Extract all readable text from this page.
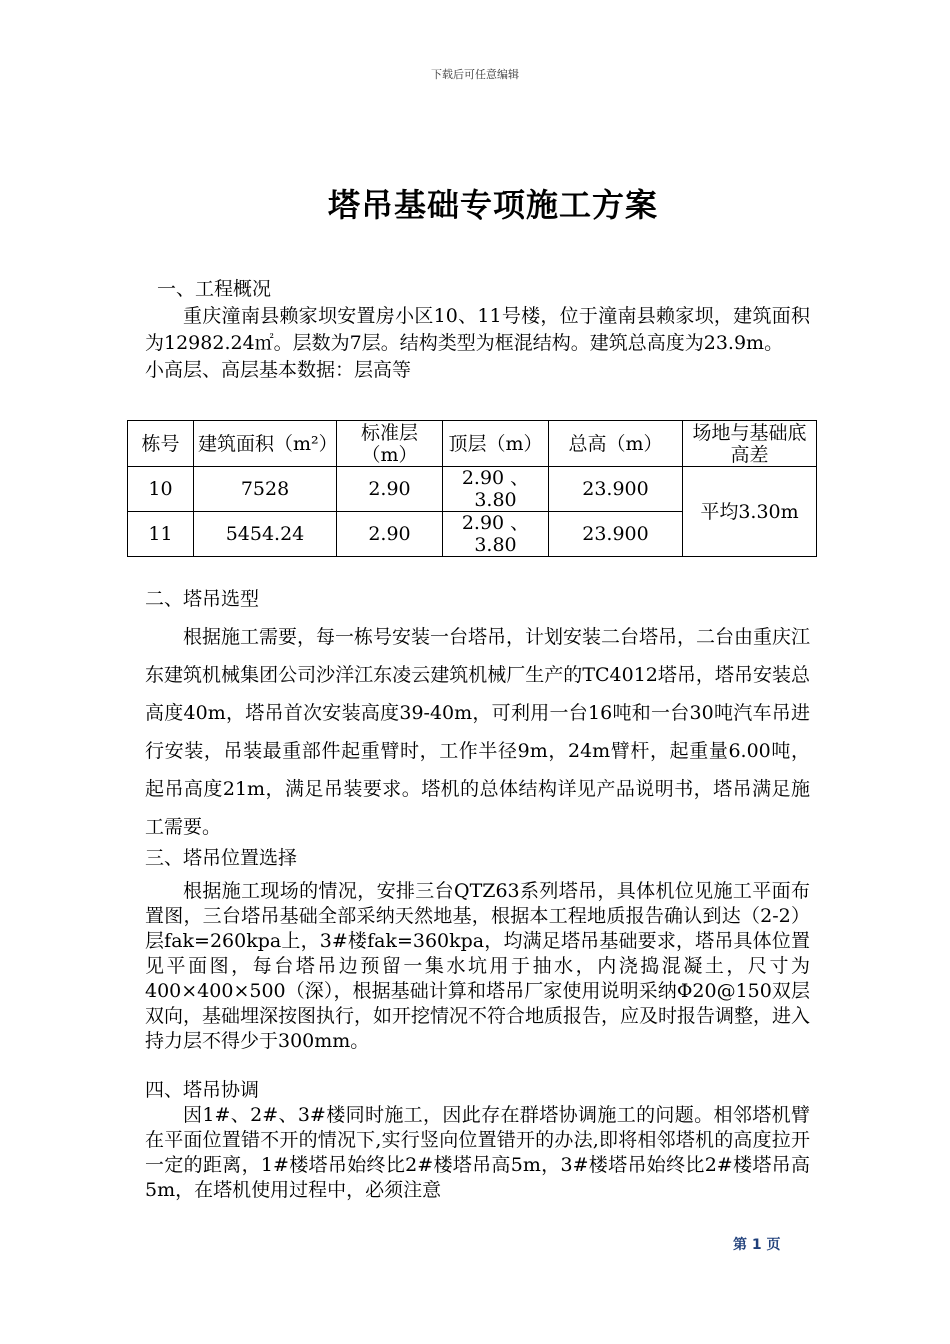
下载后可任意编辑
塔吊基础专项施工方案
一、工程概况

重庆潼南县赖家坝安置房小区10、11号楼，位于潼南县赖家坝，建筑面积为12982.24㎡。层数为7层。结构类型为框混结构。建筑总高度为23.9m。

小高层、高层基本数据：层高等
栋号	建筑面积（m²）	标准层（m）	顶层（m）	总高（m）	场地与基础底高差
10	7528	2.90	2.90 、 3.80	23.900	平均3.30m
11	5454.24	2.90	2.90 、 3.80	23.900	
二、塔吊选型

根据施工需要，每一栋号安装一台塔吊，计划安装二台塔吊，二台由重庆江东建筑机械集团公司沙洋江东凌云建筑机械厂生产的TC4012塔吊，塔吊安装总高度40m，塔吊首次安装高度39-40m，可利用一台16吨和一台30吨汽车吊进行安装，吊装最重部件起重臂时，工作半径9m，24m臂杆，起重量6.00吨，起吊高度21m，满足吊装要求。塔机的总体结构详见产品说明书，塔吊满足施工需要。

三、塔吊位置选择

根据施工现场的情况，安排三台QTZ63系列塔吊，具体机位见施工平面布置图，三台塔吊基础全部采纳天然地基，根据本工程地质报告确认到达（2-2）层fak=260kpa上，3#楼fak=360kpa，均满足塔吊基础要求，塔吊具体位置见平面图，每台塔吊边预留一集水坑用于抽水，内浇捣混凝土，尺寸为400×400×500（深），根据基础计算和塔吊厂家使用说明采纳Φ20@150双层双向，基础埋深按图执行，如开挖情况不符合地质报告，应及时报告调整，进入持力层不得少于300mm。

四、塔吊协调

因1#、2#、3#楼同时施工，因此存在群塔协调施工的问题。相邻塔机臂在平面位置错不开的情况下,实行竖向位置错开的办法,即将相邻塔机的高度拉开一定的距离，1#楼塔吊始终比2#楼塔吊高5m，3#楼塔吊始终比2#楼塔吊高5m，在塔机使用过程中，必须注意

第 1 页
